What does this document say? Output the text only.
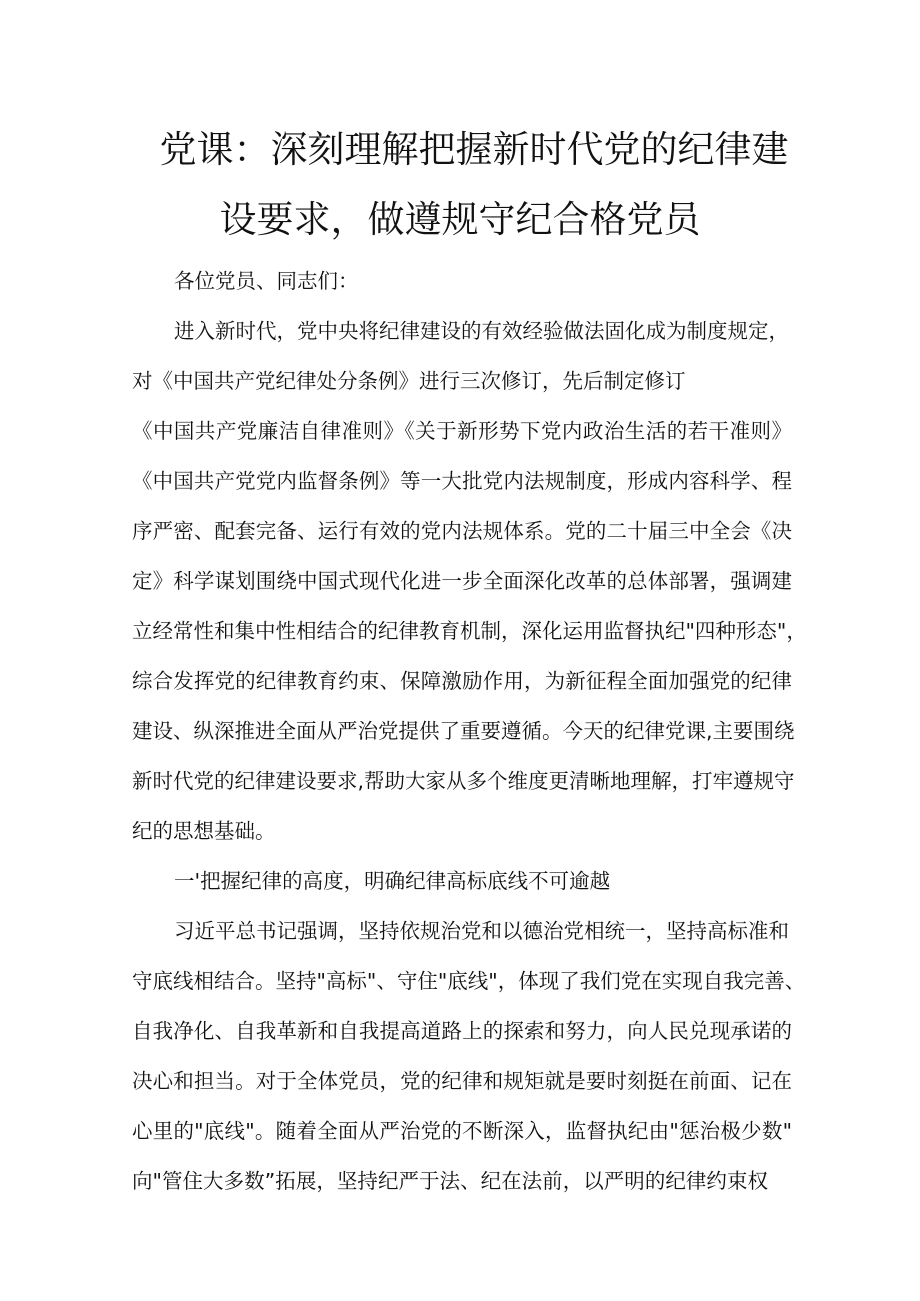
党课：深刻理解把握新时代党的纪律建
设要求，做遵规守纪合格党员
各位党员、同志们：
进入新时代，党中央将纪律建设的有效经验做法固化成为制度规定，
对《中国共产党纪律处分条例》进行三次修订，先后制定修订
《中国共产党廉洁自律准则》《关于新形势下党内政治生活的若干准则》
《中国共产党党内监督条例》等一大批党内法规制度，形成内容科学、程
序严密、配套完备、运行有效的党内法规体系。党的二十届三中全会《决
定》科学谋划围绕中国式现代化进一步全面深化改革的总体部署，强调建
立经常性和集中性相结合的纪律教育机制，深化运用监督执纪"四种形态"，
综合发挥党的纪律教育约束、保障激励作用，为新征程全面加强党的纪律
建设、纵深推进全面从严治党提供了重要遵循。今天的纪律党课,主要围绕
新时代党的纪律建设要求,帮助大家从多个维度更清晰地理解，打牢遵规守
纪的思想基础。
一'把握纪律的高度，明确纪律高标底线不可逾越
习近平总书记强调，坚持依规治党和以德治党相统一，坚持高标准和
守底线相结合。坚持"高标"、守住"底线"，体现了我们党在实现自我完善、
自我净化、自我革新和自我提高道路上的探索和努力，向人民兑现承诺的
决心和担当。对于全体党员，党的纪律和规矩就是要时刻挺在前面、记在
心里的"底线"。随着全面从严治党的不断深入，监督执纪由"惩治极少数"
向"管住大多数”拓展，坚持纪严于法、纪在法前，以严明的纪律约束权
